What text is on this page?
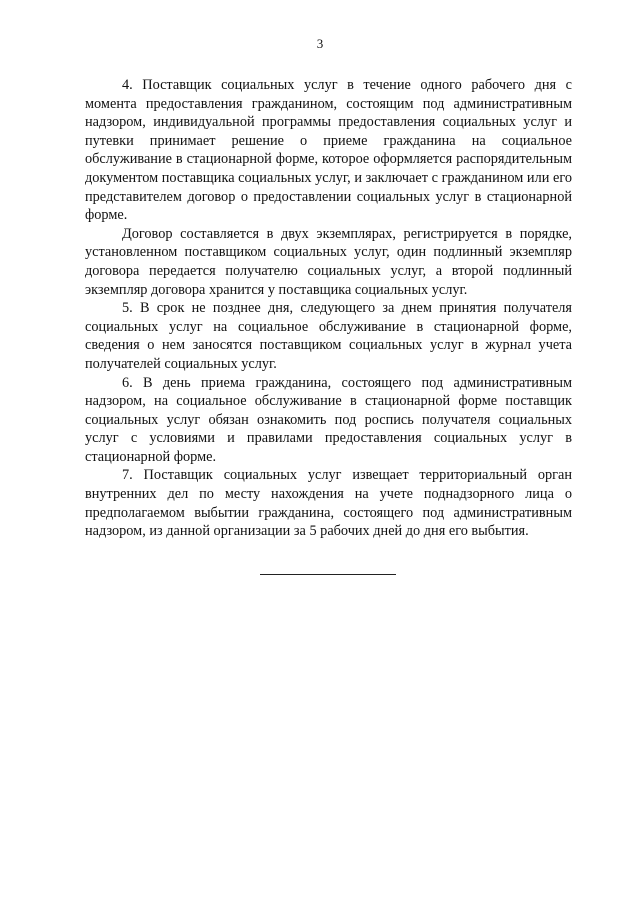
3

4. Поставщик социальных услуг в течение одного рабочего дня с момента предоставления гражданином, состоящим под административным надзором, индивидуальной программы предоставления социальных услуг и путевки принимает решение о приеме гражданина на социальное обслуживание в стационарной форме, которое оформляется распорядительным документом поставщика социальных услуг, и заключает с гражданином или его представителем договор о предоставлении социальных услуг в стационарной форме.

Договор составляется в двух экземплярах, регистрируется в порядке, установленном поставщиком социальных услуг, один подлинный экземпляр договора передается получателю социальных услуг, а второй подлинный экземпляр договора хранится у поставщика социальных услуг.

5. В срок не позднее дня, следующего за днем принятия получателя социальных услуг на социальное обслуживание в стационарной форме, сведения о нем заносятся поставщиком социальных услуг в журнал учета получателей социальных услуг.

6. В день приема гражданина, состоящего под административным надзором, на социальное обслуживание в стационарной форме поставщик социальных услуг обязан ознакомить под роспись получателя социальных услуг с условиями и правилами предоставления социальных услуг в стационарной форме.

7. Поставщик социальных услуг извещает территориальный орган внутренних дел по месту нахождения на учете поднадзорного лица о предполагаемом выбытии гражданина, состоящего под административным надзором, из данной организации за 5 рабочих дней до дня его выбытия.
